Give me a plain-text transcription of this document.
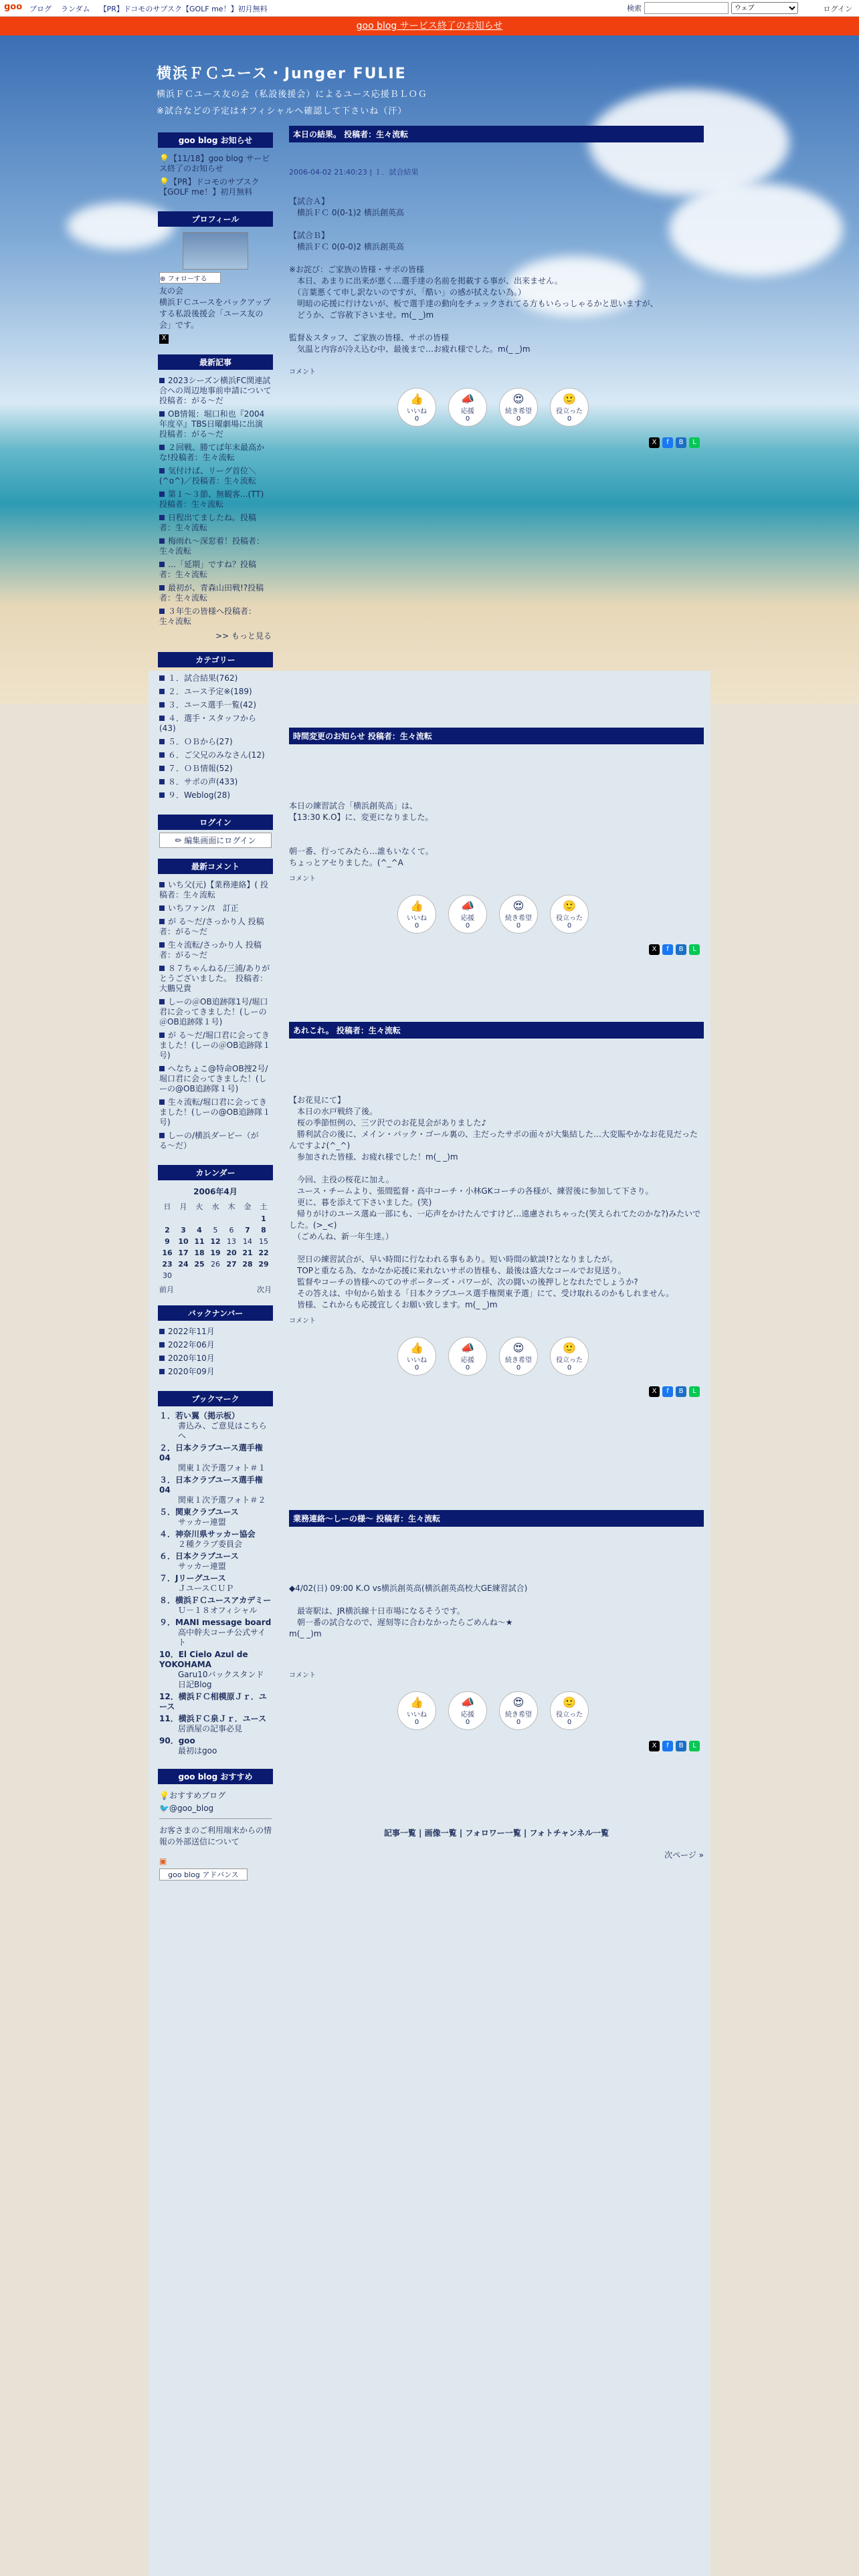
goo ブログ ランダム 【PR】ドコモのサブスク【GOLF me！】初月無料	検索
ウェブ	ログイン
goo blog サービス終了のお知らせ
横浜ＦＣユース・Junger FULIE
横浜ＦＣユース友の会（私設後援会）によるユース応援ＢＬＯＧ
※試合などの予定はオフィシャルへ確認して下さいね（汗）
goo blog お知らせ
💡【11/18】goo blog サービス終了のお知らせ
💡【PR】ドコモのサブスク【GOLF me！】初月無料
プロフィール
⊕ フォローする
友の会
横浜ＦＣユースをバックアップする私設後援会「ユース友の会」です。
X
最新記事
2023シーズン横浜FC関連試合への周辺地事前申請について　投稿者：がる〜だ
OB情報：堀口和也『2004年度卒』TBS日曜劇場に出演　投稿者：がる〜だ
２回戦、勝てば年末最高かな!投稿者：生々流転
気付けば、リーグ首位＼(^o^)／投稿者：生々流転
第１〜３節、無観客...(TT)投稿者：生々流転
日程出てましたね。投稿者：生々流転
梅雨れ～深窓着！投稿者：生々流転
…「延期」ですね？投稿者：生々流転
最初が、青森山田戦!?投稿者：生々流転
３年生の皆様へ投稿者：生々流転
>> もっと見る
カテゴリー
１．試合結果(762)
２．ユース予定※(189)
３．ユース選手一覧(42)
４．選手・スタッフから(43)
５．ＯＢから(27)
６．ご父兄のみなさん(12)
７．ＯＢ情報(52)
８．サポの声(433)
９．Weblog(28)
ログイン
✏ 編集画面にログイン
最新コメント
いち父(元)【業務連絡】( 投稿者：生々流転
いちファン/ｽ　訂正
が る〜だ/さっかり人 投稿者：がる〜だ
生々流転/さっかり人 投稿者：がる〜だ
８７ちゃんねる/三浦/ありがとうございました。　投稿者：大鵬兄貴
しーの＠OB追跡隊1号/堀口君に会ってきました！(しーの＠OB追跡隊１号)
が る〜だ/堀口君に会ってきました！(しーの＠OB追跡隊１号)
へなちょこ@特命OB捜2号/堀口君に会ってきました！(しーの@OB追跡隊１号)
生々流転/堀口君に会ってきました！(しーの@OB追跡隊１号)
しーの/横浜ダービー（がる〜だ）
カレンダー
2006年4月
日	月	火	水	木	金	土
						1
2	3	4	5	6	7	8
9	10	11	12	13	14	15
16	17	18	19	20	21	22
23	24	25	26	27	28	29
30						
前月	次月
バックナンバー
2022年11月
2022年06月
2020年10月
2020年09月
ブックマーク
１．若い翼（掲示板）
書込み、ご意見はこちらへ
２．日本クラブユース選手権04
関東１次予選フォト＃１
３．日本クラブユース選手権04
関東１次予選フォト＃２
５．関東クラブユース
サッカー連盟
４．神奈川県サッカー協会
２種クラブ委員会
６．日本クラブユース
サッカー連盟
７．Jリーグユース
ＪユースＣＵＰ
８．横浜ＦＣユースアカデミー
Ｕ－１８オフィシャル
９．MANI message board
高中幹夫コーチ公式サイト
10．El Cielo Azul de YOKOHAMA
Garu10バックスタンド日記Blog
12．横浜ＦＣ相模原Ｊｒ．ユース
11．横浜ＦＣ泉Ｊｒ．ユース
居酒屋の記事必見
90．goo
最初はgoo
goo blog おすすめ
💡おすすめブログ
🐦@goo_blog
お客さまのご利用端末からの情報の外部送信について
▣
goo blog アドバンス
本日の結果。 投稿者：生々流転
2006-04-02 21:40:23 | １．試合結果
【試合Ａ】
　横浜ＦＣ 0(0-1)2 横浜創英高

【試合Ｂ】
　横浜ＦＣ 0(0-0)2 横浜創英高

※お詫び：ご家族の皆様・サポの皆様
　本日、あまりに出来が悪く…選手達の名前を掲載する事が、出来ません。
　（言葉悪くて申し訳ないのですが、「酷い」の感が拭えない為。）
　明暗の応援に行けないが、板で選手達の動向をチェックされてる方もいらっしゃるかと思いますが、
　どうか、ご容赦下さいませ。m(_ _)m

監督＆スタッフ、ご家族の皆様、サポの皆様
　気温と内容が冷え込む中、最後まで…お疲れ様でした。m(_ _)m
コメント
👍
いいね
0
📣
応援
0
😍
続き希望
0
🙂
役立った
0
X	f	B	L
時間変更のお知らせ 投稿者：生々流転
本日の練習試合「横浜創英高」は、
【13:30 K.O】に、変更になりました。

朝一番、行ってみたら…誰もいなくて。
ちょっとアセりました。(^_^A
コメント
👍
いいね
0
📣
応援
0
😍
続き希望
0
🙂
役立った
0
X	f	B	L
あれこれ。 投稿者：生々流転
【お花見にて】
　本日の水戸戦終了後。
　桜の季節恒例の、三ツ沢でのお花見会がありました♪
　勝利試合の後に、メイン・バック・ゴール裏の、主だったサポの面々が大集結した…大変賑やかなお花見だったんですよ♪(^_^)
　参加された皆様、お疲れ様でした！m(_ _)m

　今回、主役の桜花に加え。
　ユース・チームより、張間監督・高中コーチ・小林GKコーチの各様が、練習後に参加して下さり。
　更に、暮を添えて下さいました。(笑)
　帰りがけのユース選ぬ一部にも、一応声をかけたんですけど…遠慮されちゃった(笑えられてたのかな?)みたいでした。(>_<)
　（ごめんね、新一年生達。）

　翌日の練習試合が、早い時間に行なわれる事もあり。短い時間の歓談!?となりましたが。
　TOPと重なる為、なかなか応援に来れないサポの皆様も、最後は盛大なコールでお見送り。
　監督やコーチの皆様へのてのサポーターズ・パワーが、次の闘いの後押しとなれたでしょうか?
　その答えは、中旬から始まる「日本クラブユース選手権関東予選」にて、受け取れるのかもしれません。
　皆様、これからも応援宜しくお願い致します。m(_ _)m
コメント
👍
いいね
0
📣
応援
0
😍
続き希望
0
🙂
役立った
0
X	f	B	L
業務連絡〜しーの様〜 投稿者：生々流転
◆4/02(日) 09:00 K.O vs横浜創英高(横浜創英高校大GE練習試合)

　最寄駅は、JR横浜線十日市場になるそうです。
　朝一番の試合なので、遅刻等に合わなかったらごめんね〜★
m(_ _)m
コメント
👍
いいね
0
📣
応援
0
😍
続き希望
0
🙂
役立った
0
X	f	B	L
記事一覧 | 画像一覧 | フォロワー一覧 | フォトチャンネル一覧
次ページ »
